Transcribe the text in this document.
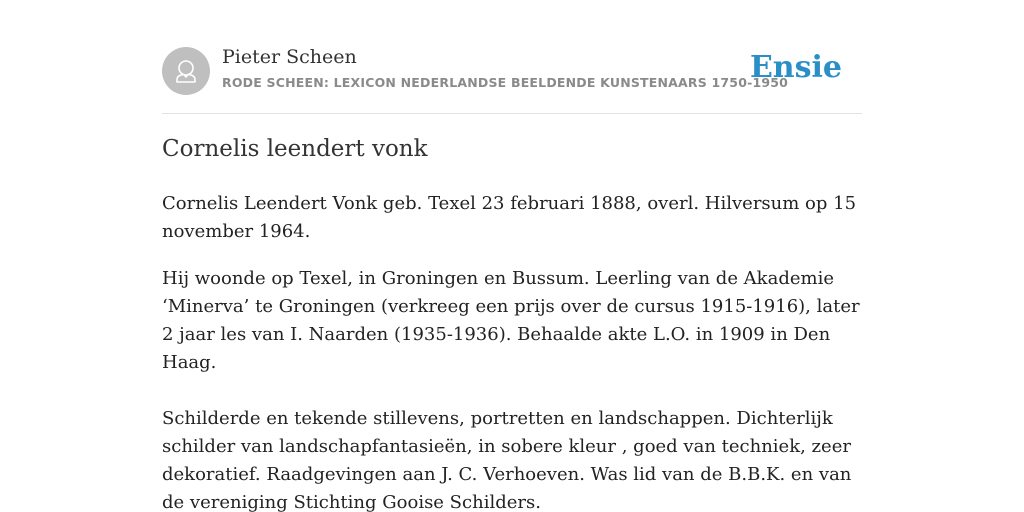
Pieter Scheen
RODE SCHEEN: LEXICON NEDERLANDSE BEELDENDE KUNSTENAARS 1750-1950
Ensie
Cornelis leendert vonk

Cornelis Leendert Vonk geb. Texel 23 februari 1888, overl. Hilversum op 15 november 1964.

Hij woonde op Texel, in Groningen en Bussum. Leerling van de Akademie ‘Minerva’ te Groningen (verkreeg een prijs over de cursus 1915-1916), later 2 jaar les van I. Naarden (1935-1936). Behaalde akte L.O. in 1909 in Den Haag.

Schilderde en tekende stillevens, portretten en landschappen. Dichterlijk schilder van landschapfantasieën, in sobere kleur , goed van techniek, zeer dekoratief. Raadgevingen aan J. C. Verhoeven. Was lid van de B.B.K. en van de vereniging Stichting Gooise Schilders.
